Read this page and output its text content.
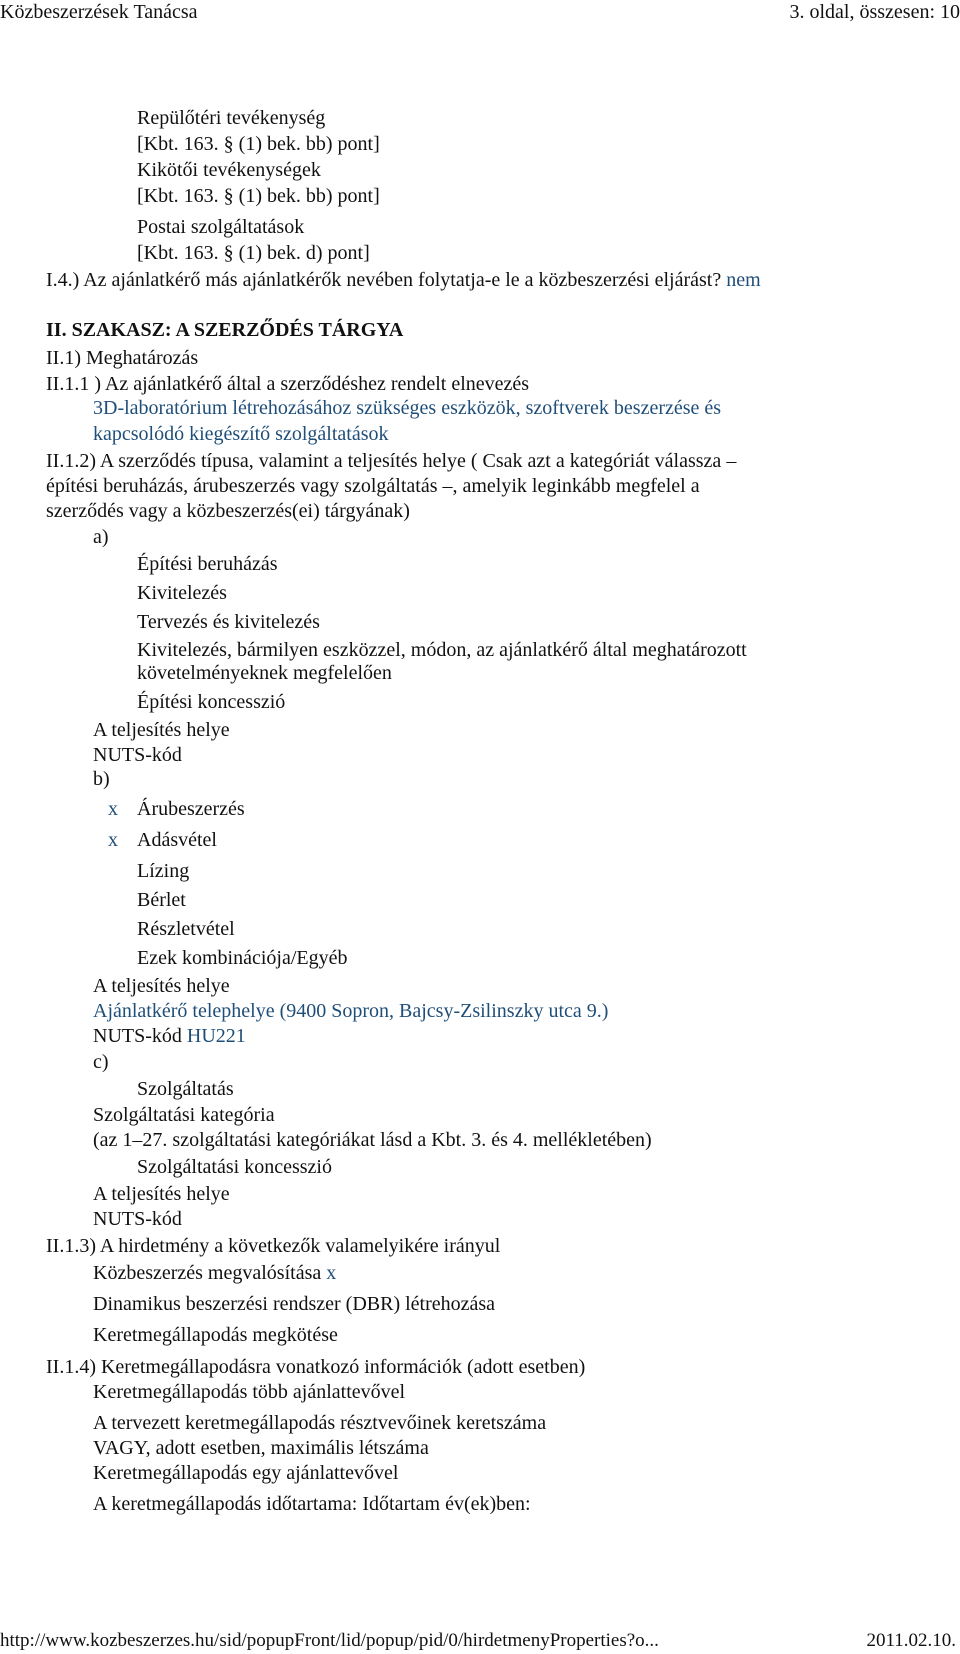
Közbeszerzések Tanácsa	3. oldal, összesen: 10
Repülőtéri tevékenység
[Kbt. 163. § (1) bek. bb) pont]
Kikötői tevékenységek
[Kbt. 163. § (1) bek. bb) pont]
Postai szolgáltatások
[Kbt. 163. § (1) bek. d) pont]
I.4.) Az ajánlatkérő más ajánlatkérők nevében folytatja-e le a közbeszerzési eljárást? nem
II. SZAKASZ: A SZERZŐDÉS TÁRGYA
II.1) Meghatározás
II.1.1 ) Az ajánlatkérő által a szerződéshez rendelt elnevezés
3D-laboratórium létrehozásához szükséges eszközök, szoftverek beszerzése és
kapcsolódó kiegészítő szolgáltatások
II.1.2) A szerződés típusa, valamint a teljesítés helye ( Csak azt a kategóriát válassza –
építési beruházás, árubeszerzés vagy szolgáltatás –, amelyik leginkább megfelel a
szerződés vagy a közbeszerzés(ei) tárgyának)
a)
Építési beruházás
Kivitelezés
Tervezés és kivitelezés
Kivitelezés, bármilyen eszközzel, módon, az ajánlatkérő által meghatározott
követelményeknek megfelelően
Építési koncesszió
A teljesítés helye
NUTS-kód
b)
x Árubeszerzés
x Adásvétel
Lízing
Bérlet
Részletvétel
Ezek kombinációja/Egyéb
A teljesítés helye
Ajánlatkérő telephelye (9400 Sopron, Bajcsy-Zsilinszky utca 9.)
NUTS-kód HU221
c)
Szolgáltatás
Szolgáltatási kategória
(az 1–27. szolgáltatási kategóriákat lásd a Kbt. 3. és 4. mellékletében)
Szolgáltatási koncesszió
A teljesítés helye
NUTS-kód
II.1.3) A hirdetmény a következők valamelyikére irányul
Közbeszerzés megvalósítása x
Dinamikus beszerzési rendszer (DBR) létrehozása
Keretmegállapodás megkötése
II.1.4) Keretmegállapodásra vonatkozó információk (adott esetben)
Keretmegállapodás több ajánlattevővel
A tervezett keretmegállapodás résztvevőinek keretszáma
VAGY, adott esetben, maximális létszáma
Keretmegállapodás egy ajánlattevővel
A keretmegállapodás időtartama: Időtartam év(ek)ben:
http://www.kozbeszerzes.hu/sid/popupFront/lid/popup/pid/0/hirdetmenyProperties?o...	2011.02.10.
